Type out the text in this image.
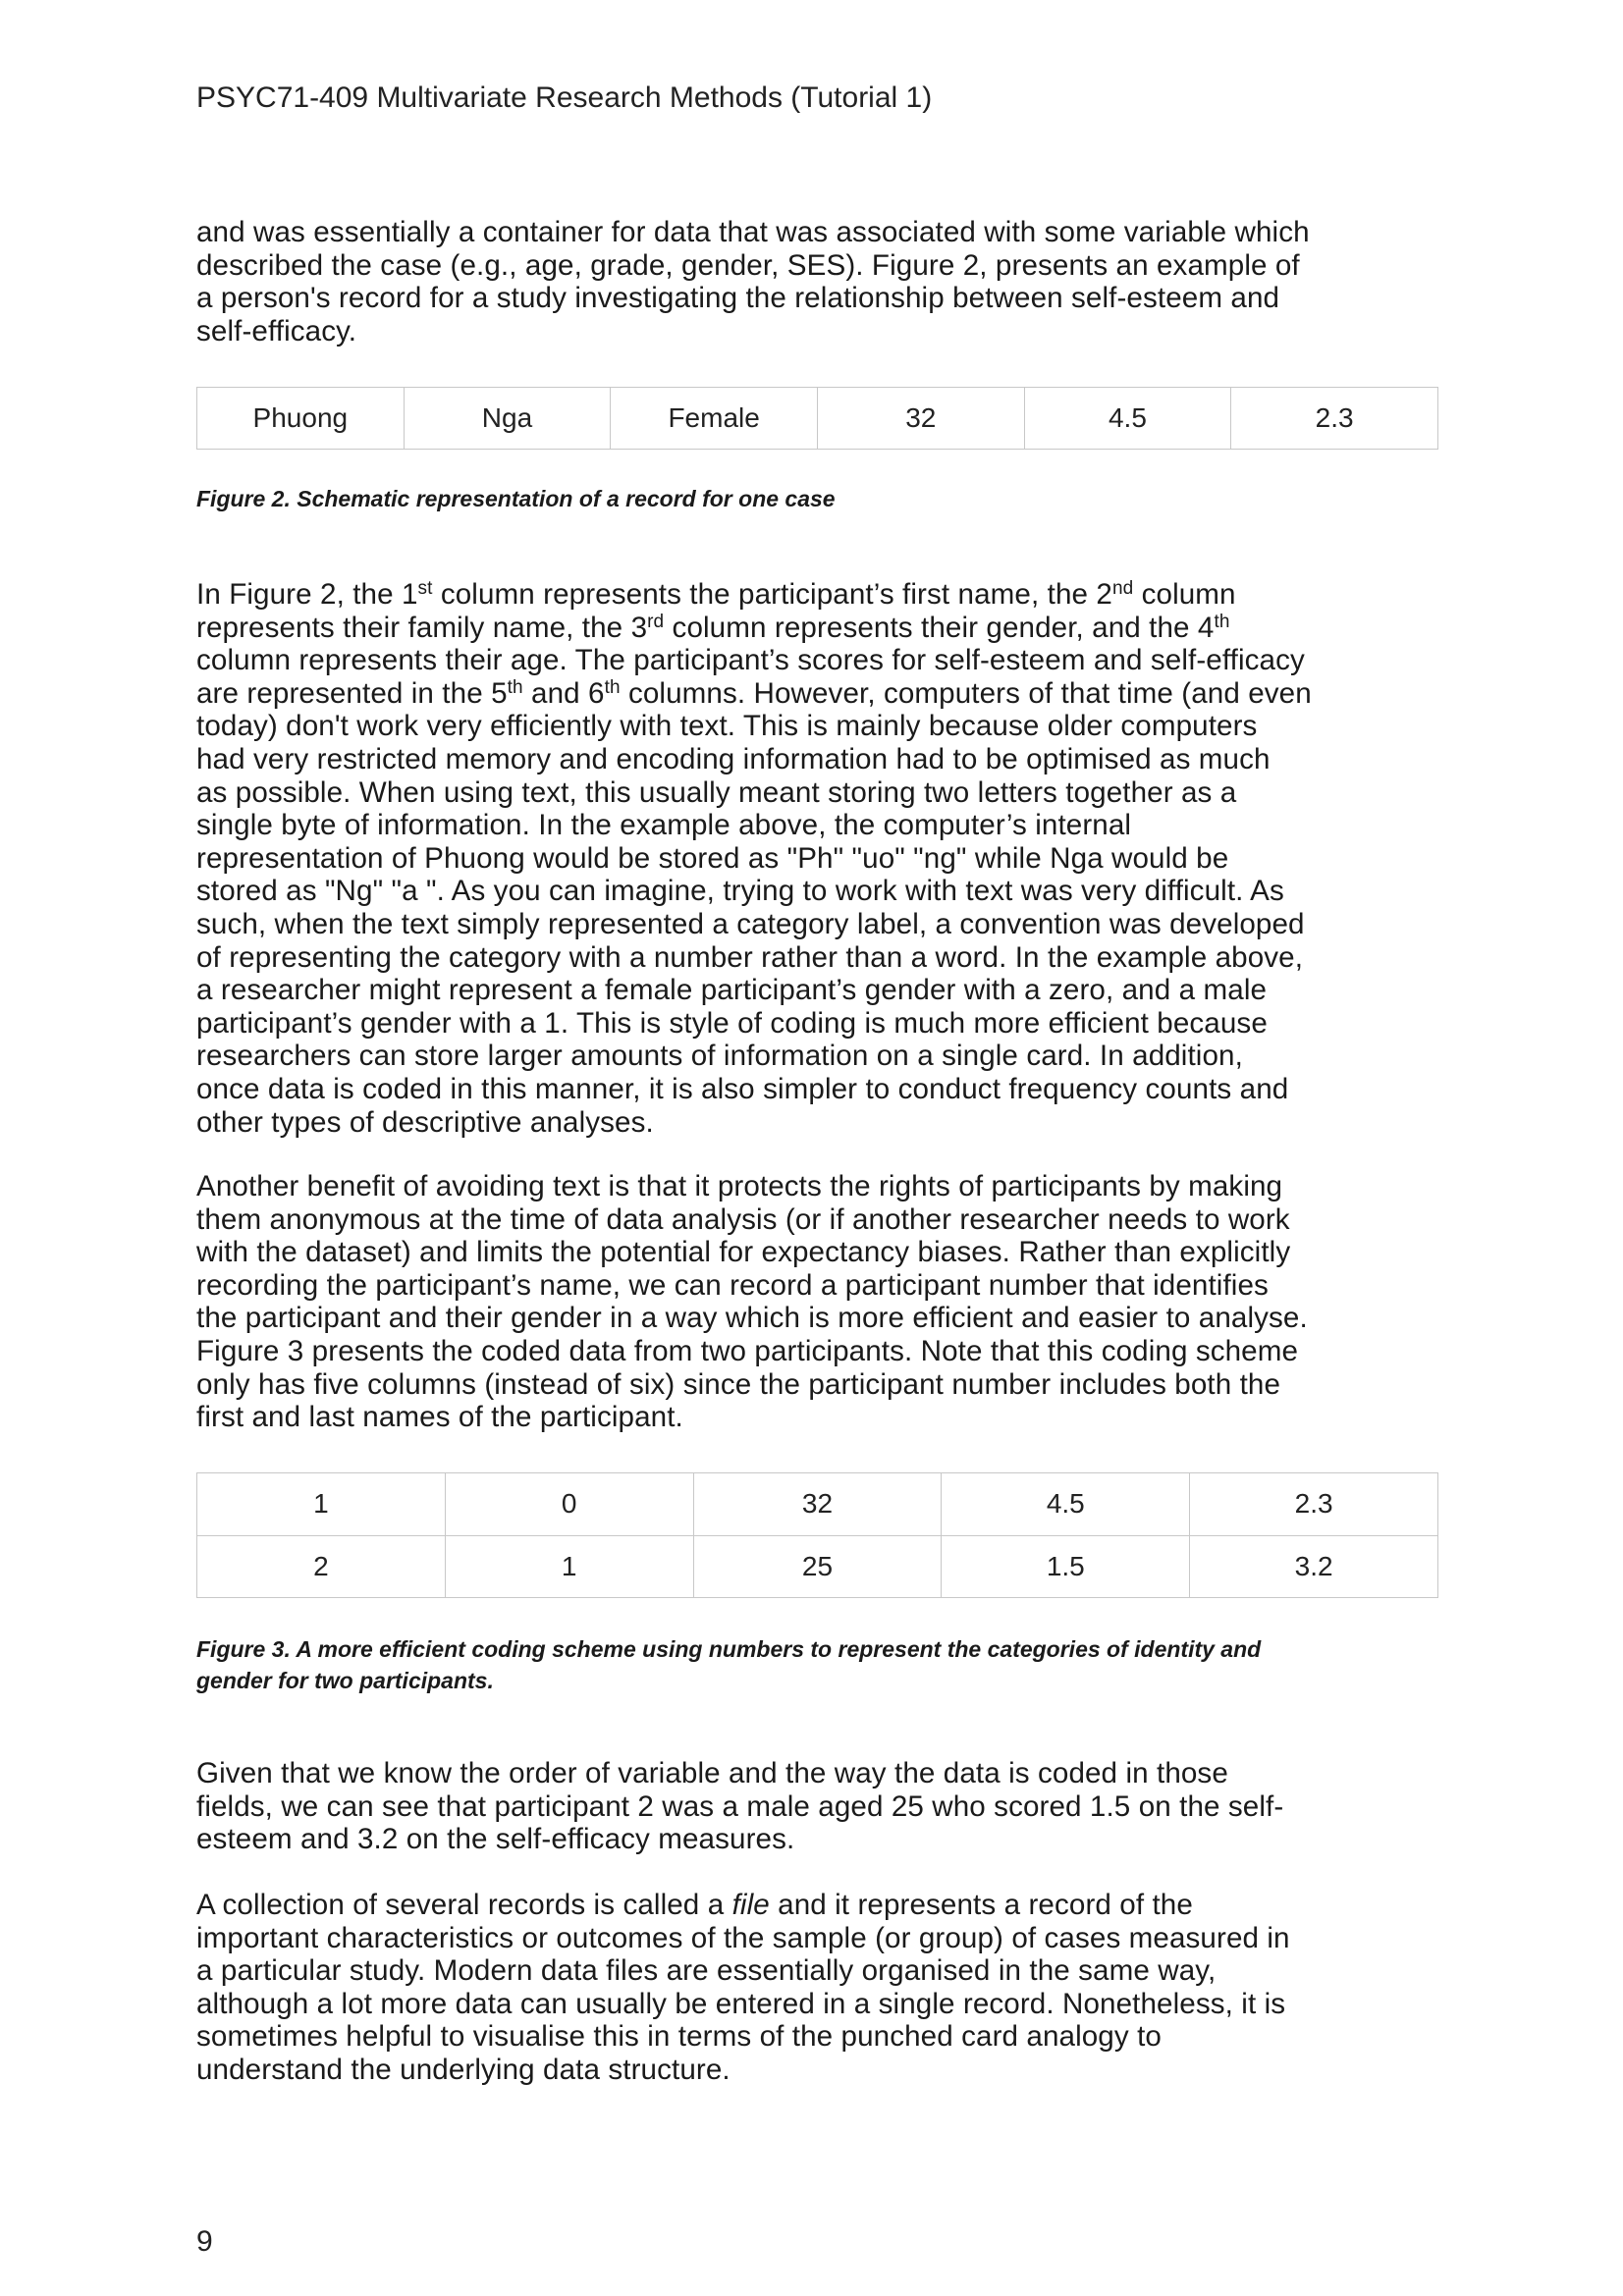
PSYC71-409 Multivariate Research Methods (Tutorial 1)

and was essentially a container for data that was associated with some variable which
described the case (e.g., age, grade, gender, SES). Figure 2, presents an example of
a person's record for a study investigating the relationship between self-esteem and
self-efficacy.

Phuong	Nga	Female	32	4.5	2.3

Figure 2. Schematic representation of a record for one case

In Figure 2, the 1st column represents the participant’s first name, the 2nd column
represents their family name, the 3rd column represents their gender, and the 4th
column represents their age. The participant’s scores for self-esteem and self-efficacy
are represented in the 5th and 6th columns. However, computers of that time (and even
today) don't work very efficiently with text. This is mainly because older computers
had very restricted memory and encoding information had to be optimised as much
as possible. When using text, this usually meant storing two letters together as a
single byte of information. In the example above, the computer’s internal
representation of Phuong would be stored as "Ph" "uo" "ng" while Nga would be
stored as "Ng" "a ". As you can imagine, trying to work with text was very difficult. As
such, when the text simply represented a category label, a convention was developed
of representing the category with a number rather than a word. In the example above,
a researcher might represent a female participant’s gender with a zero, and a male
participant’s gender with a 1. This is style of coding is much more efficient because
researchers can store larger amounts of information on a single card. In addition,
once data is coded in this manner, it is also simpler to conduct frequency counts and
other types of descriptive analyses.

Another benefit of avoiding text is that it protects the rights of participants by making
them anonymous at the time of data analysis (or if another researcher needs to work
with the dataset) and limits the potential for expectancy biases. Rather than explicitly
recording the participant’s name, we can record a participant number that identifies
the participant and their gender in a way which is more efficient and easier to analyse.
Figure 3 presents the coded data from two participants. Note that this coding scheme
only has five columns (instead of six) since the participant number includes both the
first and last names of the participant.

1	0	32	4.5	2.3
2	1	25	1.5	3.2

Figure 3. A more efficient coding scheme using numbers to represent the categories of identity and
gender for two participants.

Given that we know the order of variable and the way the data is coded in those
fields, we can see that participant 2 was a male aged 25 who scored 1.5 on the self-
esteem and 3.2 on the self-efficacy measures.

A collection of several records is called a file and it represents a record of the
important characteristics or outcomes of the sample (or group) of cases measured in
a particular study. Modern data files are essentially organised in the same way,
although a lot more data can usually be entered in a single record. Nonetheless, it is
sometimes helpful to visualise this in terms of the punched card analogy to
understand the underlying data structure.

9
